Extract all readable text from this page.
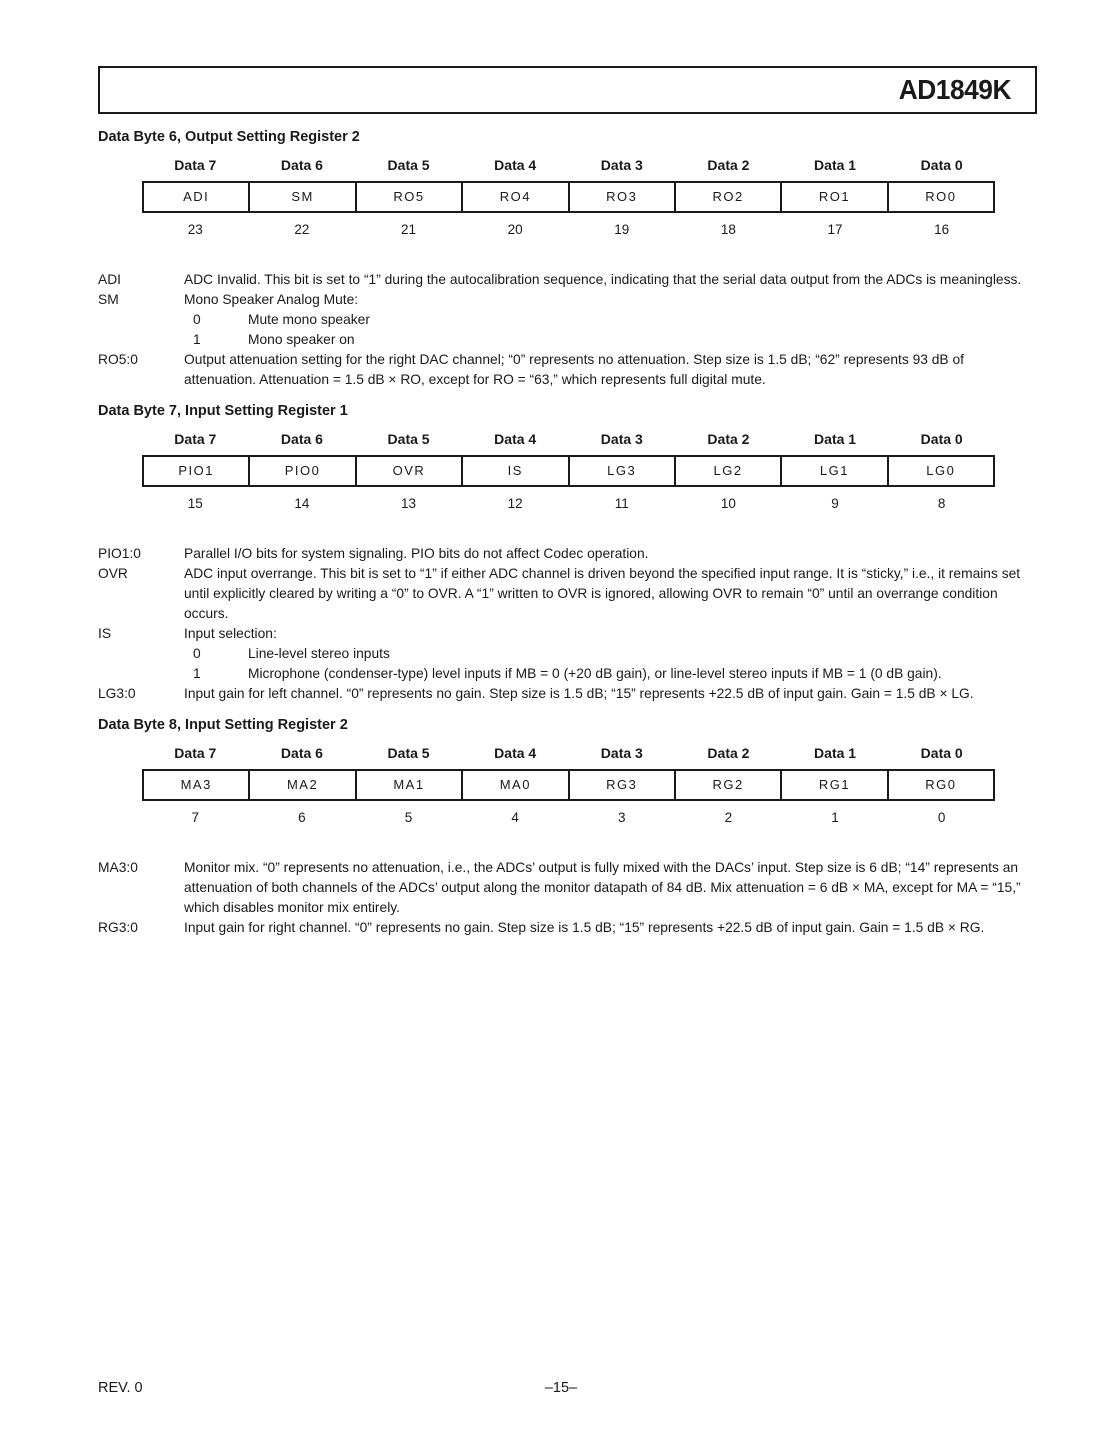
AD1849K
Data Byte 6, Output Setting Register 2
Data 7	Data 6	Data 5	Data 4	Data 3	Data 2	Data 1	Data 0
ADI	SM	RO5	RO4	RO3	RO2	RO1	RO0
23	22	21	20	19	18	17	16
ADI	ADC Invalid. This bit is set to “1” during the autocalibration sequence, indicating that the serial data output from the ADCs is meaningless.
SM	Mono Speaker Analog Mute:
0	Mute mono speaker
1	Mono speaker on
RO5:0	Output attenuation setting for the right DAC channel; “0” represents no attenuation. Step size is 1.5 dB; “62” represents 93 dB of attenuation. Attenuation = 1.5 dB × RO, except for RO = “63,” which represents full digital mute.
Data Byte 7, Input Setting Register 1
Data 7	Data 6	Data 5	Data 4	Data 3	Data 2	Data 1	Data 0
PIO1	PIO0	OVR	IS	LG3	LG2	LG1	LG0
15	14	13	12	11	10	9	8
PIO1:0	Parallel I/O bits for system signaling. PIO bits do not affect Codec operation.
OVR	ADC input overrange. This bit is set to “1” if either ADC channel is driven beyond the specified input range. It is “sticky,” i.e., it remains set until explicitly cleared by writing a “0” to OVR. A “1” written to OVR is ignored, allowing OVR to remain “0” until an overrange condition occurs.
IS	Input selection:
0	Line-level stereo inputs
1	Microphone (condenser-type) level inputs if MB = 0 (+20 dB gain), or line-level stereo inputs if MB = 1 (0 dB gain).
LG3:0	Input gain for left channel. “0” represents no gain. Step size is 1.5 dB; “15” represents +22.5 dB of input gain. Gain = 1.5 dB × LG.
Data Byte 8, Input Setting Register 2
Data 7	Data 6	Data 5	Data 4	Data 3	Data 2	Data 1	Data 0
MA3	MA2	MA1	MA0	RG3	RG2	RG1	RG0
7	6	5	4	3	2	1	0
MA3:0	Monitor mix. “0” represents no attenuation, i.e., the ADCs’ output is fully mixed with the DACs’ input. Step size is 6 dB; “14” represents an attenuation of both channels of the ADCs’ output along the monitor datapath of 84 dB. Mix attenuation = 6 dB × MA, except for MA = “15,” which disables monitor mix entirely.
RG3:0	Input gain for right channel. “0” represents no gain. Step size is 1.5 dB; “15” represents +22.5 dB of input gain. Gain = 1.5 dB × RG.
–15–
REV. 0
